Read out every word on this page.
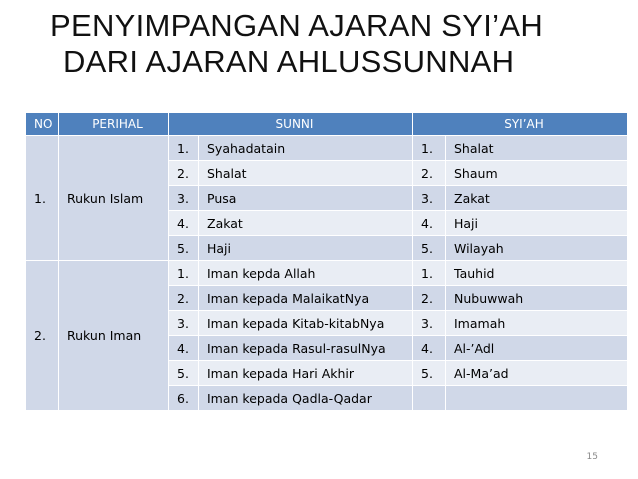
PENYIMPANGAN AJARAN SYI’AH
DARI AJARAN AHLUSSUNNAH
NO	PERIHAL	SUNNI		SYI’AH	
1.	Rukun Islam	1.	Syahadatain	1.	Shalat
		2.	Shalat	2.	Shaum
		3.	Pusa	3.	Zakat
		4.	Zakat	4.	Haji
		5.	Haji	5.	Wilayah
2.	Rukun Iman	1.	Iman kepda Allah	1.	Tauhid
		2.	Iman kepada MalaikatNya	2.	Nubuwwah
		3.	Iman kepada Kitab-kitabNya	3.	Imamah
		4.	Iman kepada Rasul-rasulNya	4.	Al-’Adl
		5.	Iman kepada Hari Akhir	5.	Al-Ma’ad
		6.	Iman kepada Qadla-Qadar		
15
